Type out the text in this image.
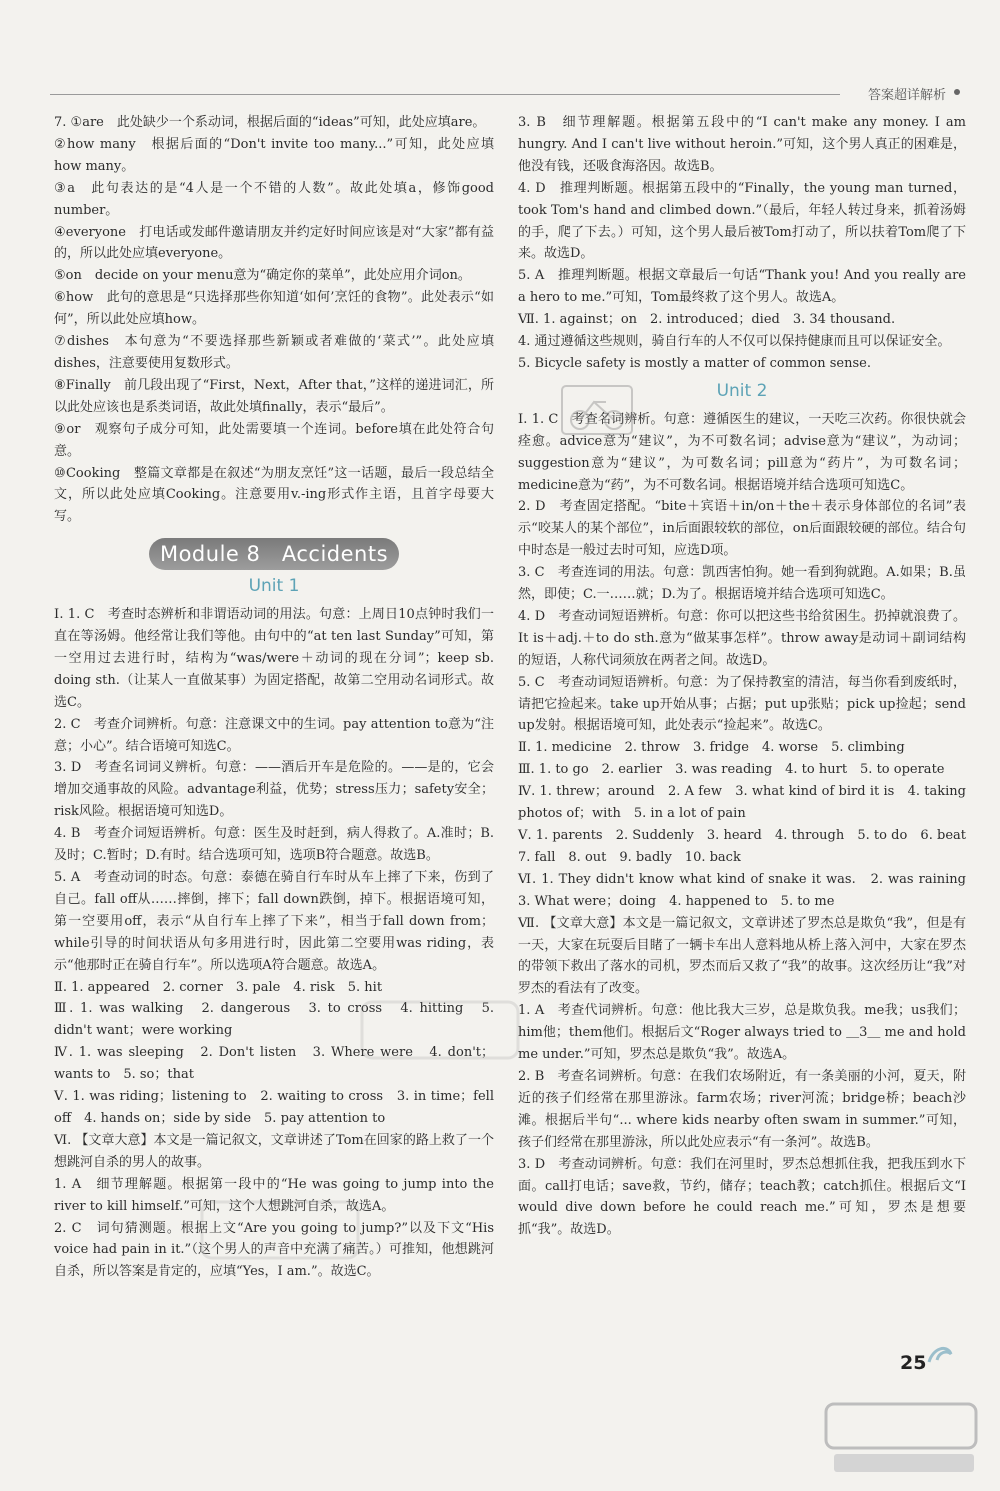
答案超详解析

7. ①are　此处缺少一个系动词，根据后面的“ideas”可知，此处应填are。

②how many　根据后面的“Don't invite too many...”可知，此处应填how many。

③a　此句表达的是“4人是一个不错的人数”。故此处填a，修饰good number。

④everyone　打电话或发邮件邀请朋友并约定好时间应该是对“大家”都有益的，所以此处应填everyone。

⑤on　decide on your menu意为“确定你的菜单”，此处应用介词on。

⑥how　此句的意思是“只选择那些你知道‘如何’烹饪的食物”。此处表示“如何”，所以此处应填how。

⑦dishes　本句意为“不要选择那些新颖或者难做的‘菜式’”。此处应填dishes，注意要使用复数形式。

⑧Finally　前几段出现了“First，Next，After that，”这样的递进词汇，所以此处应该也是系类词语，故此处填finally，表示“最后”。

⑨or　观察句子成分可知，此处需要填一个连词。before填在此处符合句意。

⑩Cooking　整篇文章都是在叙述“为朋友烹饪”这一话题，最后一段总结全文，所以此处应填Cooking。注意要用v.-ing形式作主语，且首字母要大写。

Module 8　Accidents
Unit 1

Ⅰ. 1. C　考查时态辨析和非谓语动词的用法。句意：上周日10点钟时我们一直在等汤姆。他经常让我们等他。由句中的“at ten last Sunday”可知，第一空用过去进行时，结构为“was/were＋动词的现在分词”；keep sb. doing sth.（让某人一直做某事）为固定搭配，故第二空用动名词形式。故选C。

2. C　考查介词辨析。句意：注意课文中的生词。pay attention to意为“注意；小心”。结合语境可知选C。

3. D　考查名词词义辨析。句意：——酒后开车是危险的。——是的，它会增加交通事故的风险。advantage利益，优势；stress压力；safety安全；risk风险。根据语境可知选D。

4. B　考查介词短语辨析。句意：医生及时赶到，病人得救了。A.准时；B.及时；C.暂时；D.有时。结合选项可知，选项B符合题意。故选B。

5. A　考查动词的时态。句意：泰德在骑自行车时从车上摔了下来，伤到了自己。fall off从……摔倒，摔下；fall down跌倒，掉下。根据语境可知，第一空要用off，表示“从自行车上摔了下来”，相当于fall down from；while引导的时间状语从句多用进行时，因此第二空要用was riding，表示“他那时正在骑自行车”。所以选项A符合题意。故选A。

Ⅱ. 1. appeared　2. corner　3. pale　4. risk　5. hit

Ⅲ. 1. was walking　2. dangerous　3. to cross　4. hitting　5. didn't want；were working

Ⅳ. 1. was sleeping　2. Don't listen　3. Where were　4. don't；wants to　5. so；that

Ⅴ. 1. was riding；listening to　2. waiting to cross　3. in time；fell off　4. hands on；side by side　5. pay attention to

Ⅵ. 【文章大意】本文是一篇记叙文，文章讲述了Tom在回家的路上救了一个想跳河自杀的男人的故事。

1. A　细节理解题。根据第一段中的“He was going to jump into the river to kill himself.”可知，这个人想跳河自杀，故选A。

2. C　词句猜测题。根据上文“Are you going to jump?”以及下文“His voice had pain in it.”（这个男人的声音中充满了痛苦。）可推知，他想跳河自杀，所以答案是肯定的，应填“Yes，I am.”。故选C。

3. B　细节理解题。根据第五段中的“I can't make any money. I am hungry. And I can't live without heroin.”可知，这个男人真正的困难是，他没有钱，还吸食海洛因。故选B。

4. D　推理判断题。根据第五段中的“Finally，the young man turned，took Tom's hand and climbed down.”（最后，年轻人转过身来，抓着汤姆的手，爬了下去。）可知，这个男人最后被Tom打动了，所以扶着Tom爬了下来。故选D。

5. A　推理判断题。根据文章最后一句话“Thank you! And you really are a hero to me.”可知，Tom最终救了这个男人。故选A。

Ⅶ. 1. against；on　2. introduced；died　3. 34 thousand.

4. 通过遵循这些规则，骑自行车的人不仅可以保持健康而且可以保证安全。

5. Bicycle safety is mostly a matter of common sense.

Unit 2

Ⅰ. 1. C　考查名词辨析。句意：遵循医生的建议，一天吃三次药。你很快就会痊愈。advice意为“建议”，为不可数名词；advise意为“建议”，为动词；suggestion意为“建议”，为可数名词；pill意为“药片”，为可数名词；medicine意为“药”，为不可数名词。根据语境并结合选项可知选C。

2. D　考查固定搭配。“bite＋宾语＋in/on＋the＋表示身体部位的名词”表示“咬某人的某个部位”，in后面跟较软的部位，on后面跟较硬的部位。结合句中时态是一般过去时可知，应选D项。

3. C　考查连词的用法。句意：凯西害怕狗。她一看到狗就跑。A.如果；B.虽然，即使；C.一……就；D.为了。根据语境并结合选项可知选C。

4. D　考查动词短语辨析。句意：你可以把这些书给贫困生。扔掉就浪费了。It is＋adj.＋to do sth.意为“做某事怎样”。throw away是动词＋副词结构的短语，人称代词须放在两者之间。故选D。

5. C　考查动词短语辨析。句意：为了保持教室的清洁，每当你看到废纸时，请把它捡起来。take up开始从事；占据；put up张贴；pick up捡起；send up发射。根据语境可知，此处表示“捡起来”。故选C。

Ⅱ. 1. medicine　2. throw　3. fridge　4. worse　5. climbing

Ⅲ. 1. to go　2. earlier　3. was reading　4. to hurt　5. to operate

Ⅳ. 1. threw；around　2. A few　3. what kind of bird it is　4. taking photos of；with　5. in a lot of pain

Ⅴ. 1. parents　2. Suddenly　3. heard　4. through　5. to do　6. beat　7. fall　8. out　9. badly　10. back

Ⅵ. 1. They didn't know what kind of snake it was.　2. was raining　3. What were；doing　4. happened to　5. to me

Ⅶ. 【文章大意】本文是一篇记叙文，文章讲述了罗杰总是欺负“我”，但是有一天，大家在玩耍后目睹了一辆卡车出人意料地从桥上落入河中，大家在罗杰的带领下救出了落水的司机，罗杰而后又救了“我”的故事。这次经历让“我”对罗杰的看法有了改变。

1. A　考查代词辨析。句意：他比我大三岁，总是欺负我。me我；us我们；him他；them他们。根据后文“Roger always tried to ＿3＿ me and hold me under.”可知，罗杰总是欺负“我”。故选A。

2. B　考查名词辨析。句意：在我们农场附近，有一条美丽的小河，夏天，附近的孩子们经常在那里游泳。farm农场；river河流；bridge桥；beach沙滩。根据后半句“... where kids nearby often swam in summer.”可知，孩子们经常在那里游泳，所以此处应表示“有一条河”。故选B。

3. D　考查动词辨析。句意：我们在河里时，罗杰总想抓住我，把我压到水下面。call打电话；save救，节约，储存；teach教；catch抓住。根据后文“I would dive down before he could reach me.”可知，罗杰是想要抓“我”。故选D。

25
